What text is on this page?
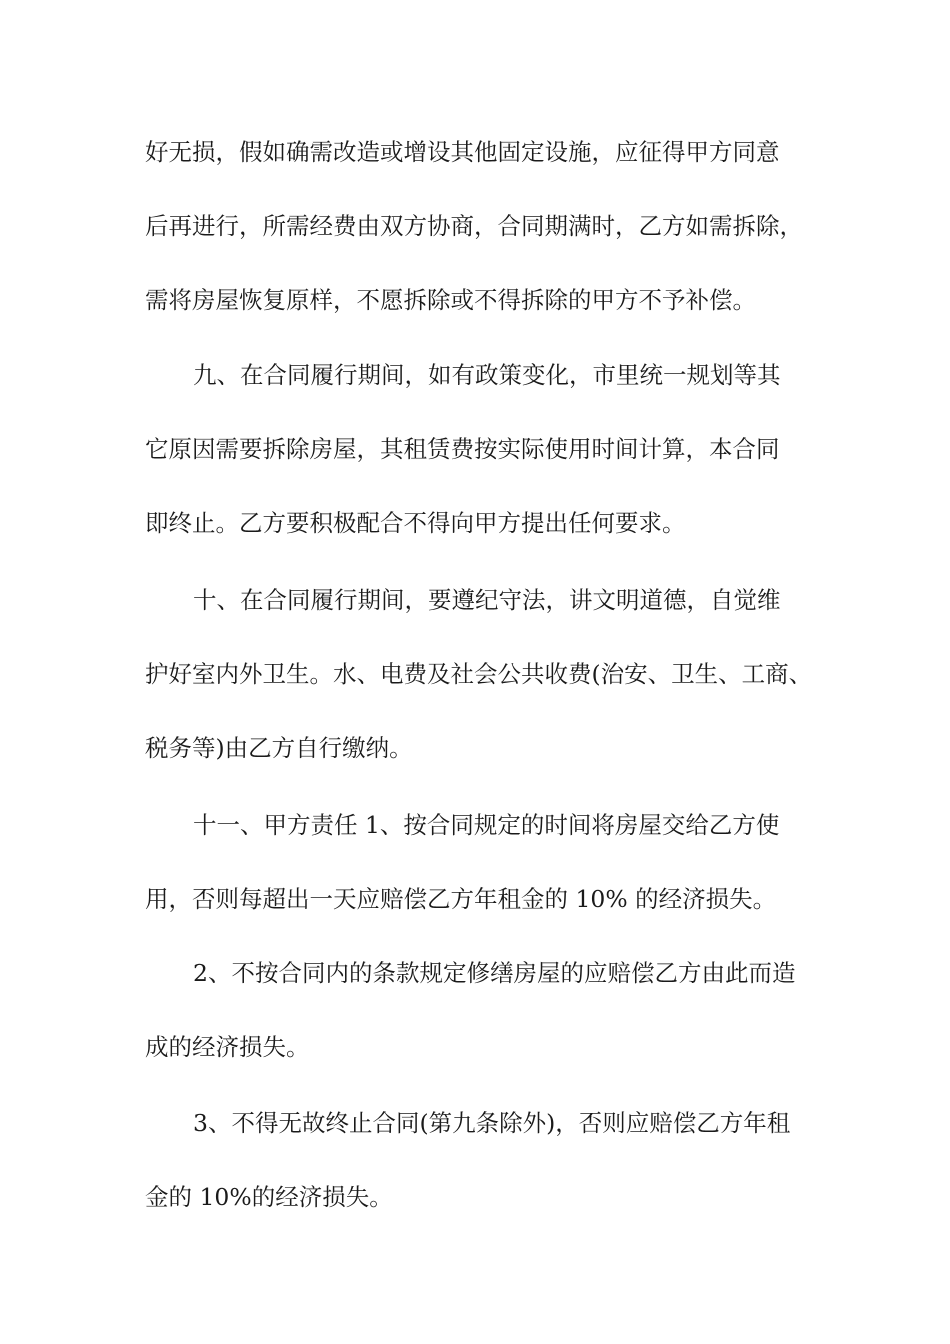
好无损，假如确需改造或增设其他固定设施，应征得甲方同意
后再进行，所需经费由双方协商，合同期满时，乙方如需拆除，
需将房屋恢复原样，不愿拆除或不得拆除的甲方不予补偿。
九、在合同履行期间，如有政策变化，市里统一规划等其
它原因需要拆除房屋，其租赁费按实际使用时间计算，本合同
即终止。乙方要积极配合不得向甲方提出任何要求。
十、在合同履行期间，要遵纪守法，讲文明道德，自觉维
护好室内外卫生。水、电费及社会公共收费(治安、卫生、工商、
税务等)由乙方自行缴纳。
十一、甲方责任 1、按合同规定的时间将房屋交给乙方使
用，否则每超出一天应赔偿乙方年租金的 10% 的经济损失。
2、不按合同内的条款规定修缮房屋的应赔偿乙方由此而造
成的经济损失。
3、不得无故终止合同(第九条除外)，否则应赔偿乙方年租
金的 10%的经济损失。
